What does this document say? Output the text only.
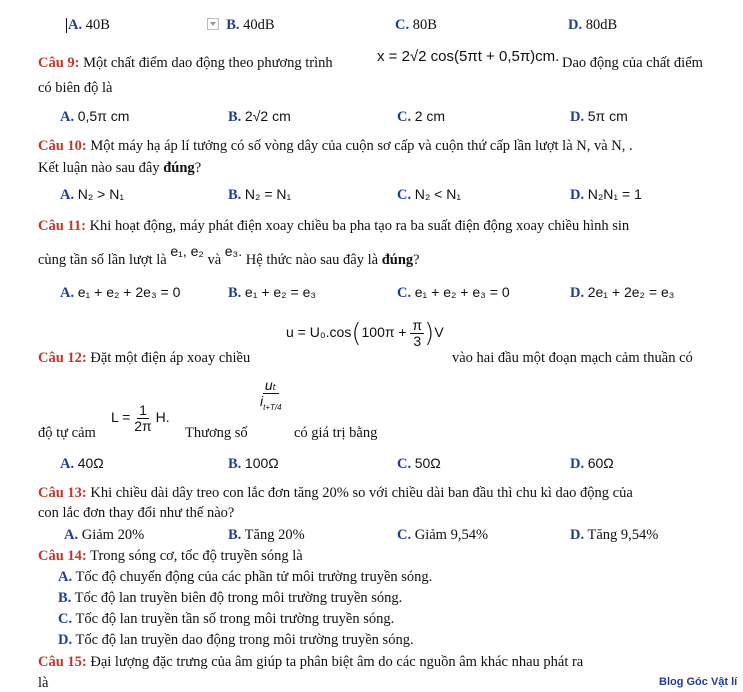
A. 40B	B. 40dB	C. 80B	D. 80dB
Câu 9: Một chất điểm dao động theo phương trình	x = 2√2 cos(5πt + 0,5π)cm. Dao động của chất điểm
có biên độ là
A. 0,5π cm	B. 2√2 cm	C. 2 cm	D. 5π cm
Câu 10: Một máy hạ áp lí tưởng có số vòng dây của cuộn sơ cấp và cuộn thứ cấp lần lượt là N, và N, .
Kết luận nào sau đây đúng?
A. N₂ > N₁	B. N₂ = N₁	C. N₂ < N₁	D. N₂N₁ = 1
Câu 11: Khi hoạt động, máy phát điện xoay chiều ba pha tạo ra ba suất điện động xoay chiều hình sin
cùng tần số lần lượt là e₁, e₂ và e₃. Hệ thức nào sau đây là đúng?
A. e₁ + e₂ + 2e₃ = 0	B. e₁ + e₂ = e₃	C. e₁ + e₂ + e₃ = 0	D. 2e₁ + 2e₂ = e₃
Câu 12: Đặt một điện áp xoay chiều
$u = U_0.\cos(100\pi + \frac{\pi}{3} )V$
vào hai đầu một đoạn mạch cảm thuần có
độ tự cảm
$L = \frac{1}{2\pi} H$.
Thương số
$\frac{\text{uₜ}}{i_{t+T/4}}$
có giá trị bằng
A. 40Ω	B. 100Ω	C. 50Ω	D. 60Ω
Câu 13: Khi chiều dài dây treo con lắc đơn tăng 20% so với chiều dài ban đầu thì chu kì dao động của
con lắc đơn thay đổi như thế nào?
A. Giảm 20%	B. Tăng 20%	C. Giảm 9,54%	D. Tăng 9,54%
Câu 14: Trong sóng cơ, tốc độ truyền sóng là
A. Tốc độ chuyển động của các phần tử môi trường truyền sóng.
B. Tốc độ lan truyền biên độ trong môi trường truyền sóng.
C. Tốc độ lan truyền tần số trong môi trường truyền sóng.
D. Tốc độ lan truyền dao động trong môi trường truyền sóng.
Câu 15: Đại lượng đặc trưng của âm giúp ta phân biệt âm do các nguồn âm khác nhau phát ra
là	Blog Góc Vật lí
